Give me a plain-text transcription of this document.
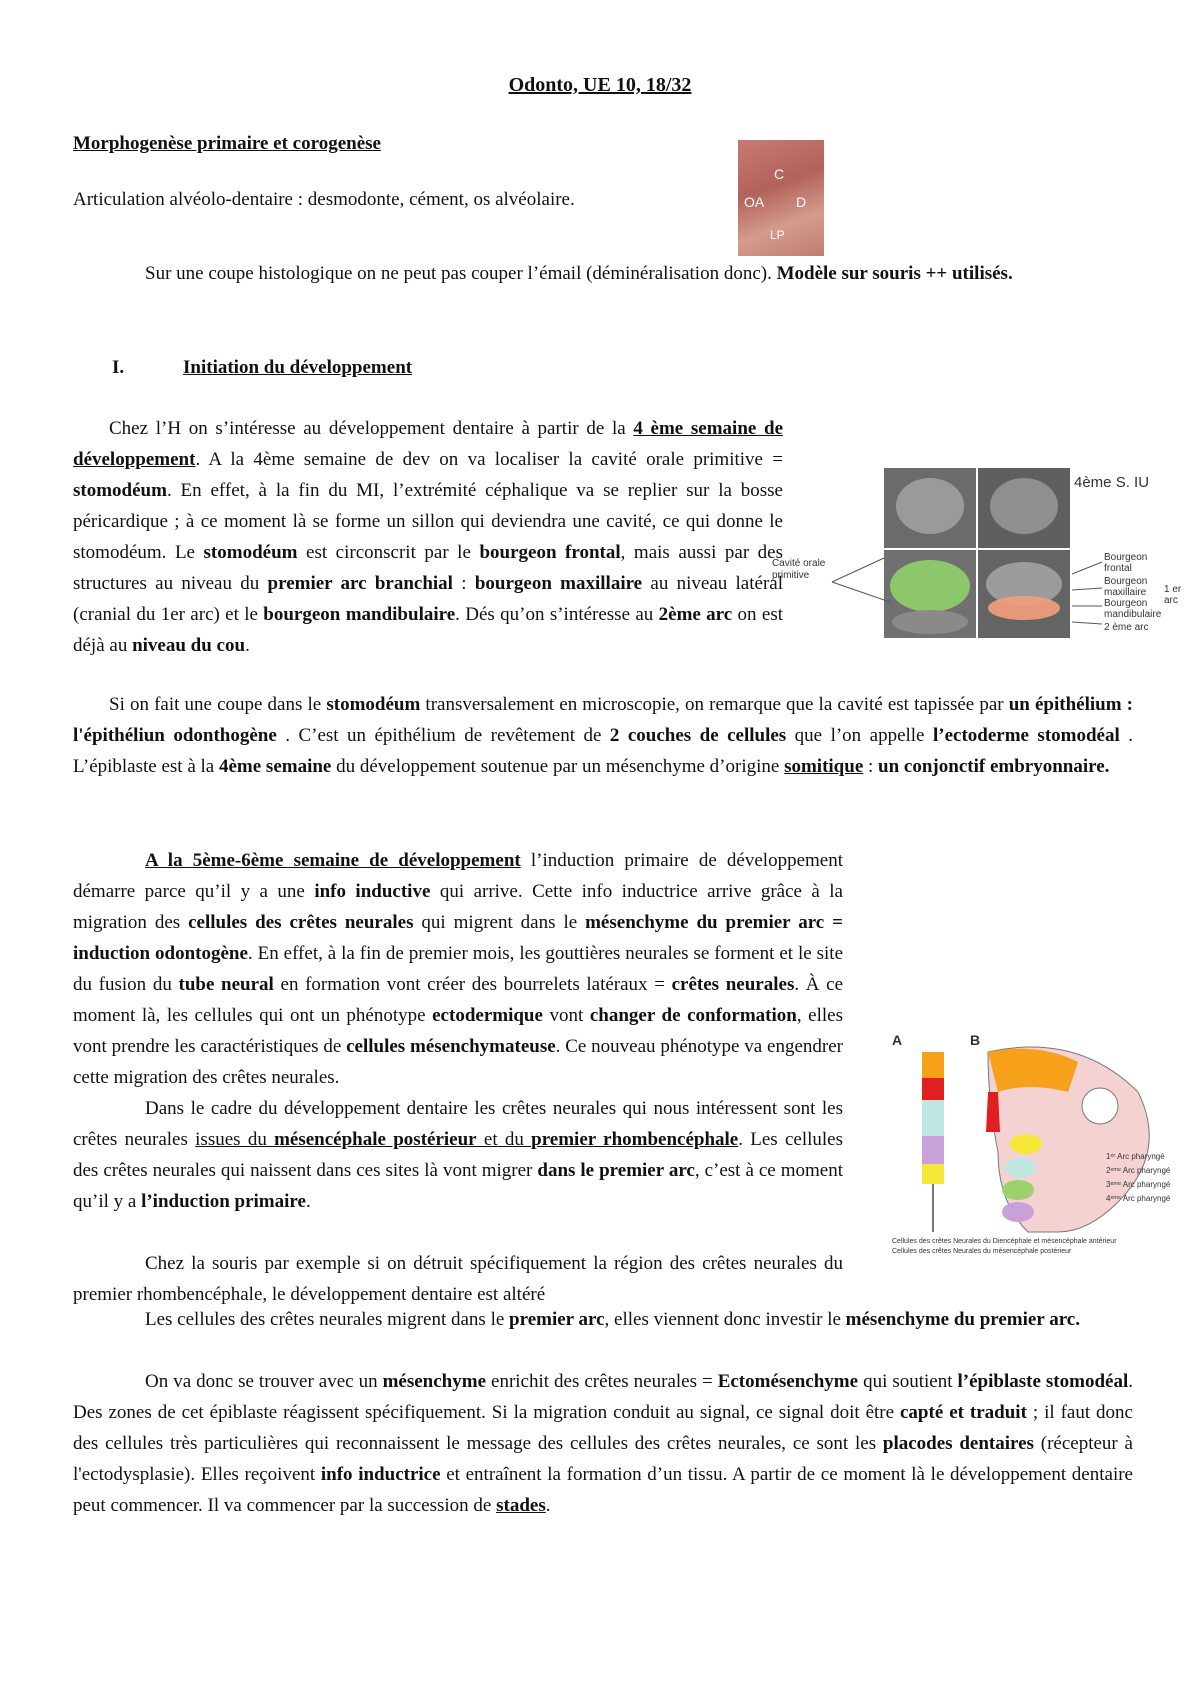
Odonto, UE 10, 18/32
Morphogenèse primaire et corogenèse
Articulation alvéolo-dentaire : desmodonte, cément, os alvéolaire.
C
OA D
LP
Sur une coupe histologique on ne peut pas couper l’émail (déminéralisation donc). Modèle sur souris ++ utilisés.
I.	Initiation du développement
Chez l’H on s’intéresse au développement dentaire à partir de la 4 ème semaine de développement. A la 4ème semaine de dev on va localiser la cavité orale primitive = stomodéum. En effet, à la fin du MI, l’extrémité céphalique va se replier sur la bosse péricardique ; à ce moment là se forme un sillon qui deviendra une cavité, ce qui donne le stomodéum. Le stomodéum est circonscrit par le bourgeon frontal, mais aussi par des structures au niveau du premier arc branchial : bourgeon maxillaire au niveau latéral (cranial du 1er arc) et le bourgeon mandibulaire. Dés qu’on s’intéresse au 2ème arc on est déjà au niveau du cou.
4ème S. IU
Cavité orale primitive
Bourgeon frontal
Bourgeon maxillaire
Bourgeon mandibulaire
2 ème arc
1 er arc
Si on fait une coupe dans le stomodéum transversalement en microscopie, on remarque que la cavité est tapissée par un épithélium : l'épithéliun odonthogène . C’est un épithélium de revêtement de 2 couches de cellules que l’on appelle l’ectoderme stomodéal . L’épiblaste est à la 4ème semaine du développement soutenue par un mésenchyme d’origine somitique : un conjonctif embryonnaire.
A la 5ème-6ème semaine de développement l’induction primaire de développement démarre parce qu’il y a une info inductive qui arrive. Cette info inductrice arrive grâce à la migration des cellules des crêtes neurales qui migrent dans le mésenchyme du premier arc = induction odontogène. En effet, à la fin de premier mois, les gouttières neurales se forment et le site du fusion du tube neural en formation vont créer des bourrelets latéraux = crêtes neurales. À ce moment là, les cellules qui ont un phénotype ectodermique vont changer de conformation, elles vont prendre les caractéristiques de cellules mésenchymateuse. Ce nouveau phénotype va engendrer cette migration des crêtes neurales.
Dans le cadre du développement dentaire les crêtes neurales qui nous intéressent sont les crêtes neurales issues du mésencéphale postérieur et du premier rhombencéphale. Les cellules des crêtes neurales qui naissent dans ces sites là vont migrer dans le premier arc, c’est à ce moment qu’il y a l’induction primaire.
Chez la souris par exemple si on détruit spécifiquement la région des crêtes neurales du premier rhombencéphale, le développement dentaire est altéré
A	B
1ᵉʳ Arc pharyngé
2ᵉᵐᵉ Arc pharyngé
3ᵉᵐᵉ Arc pharyngé
4ᵉᵐᵉ Arc pharyngé
Cellules des crêtes Neurales du Diencéphale et mésencéphale antérieur
Cellules des crêtes Neurales du mésencéphale postérieur
Les cellules des crêtes neurales migrent dans le premier arc, elles viennent donc investir le mésenchyme du premier arc.
On va donc se trouver avec un mésenchyme enrichit des crêtes neurales = Ectomésenchyme qui soutient l’épiblaste stomodéal. Des zones de cet épiblaste réagissent spécifiquement. Si la migration conduit au signal, ce signal doit être capté et traduit ; il faut donc des cellules très particulières qui reconnaissent le message des cellules des crêtes neurales, ce sont les placodes dentaires (récepteur à l'ectodysplasie). Elles reçoivent info inductrice et entraînent la formation d’un tissu. A partir de ce moment là le développement dentaire peut commencer. Il va commencer par la succession de stades.
